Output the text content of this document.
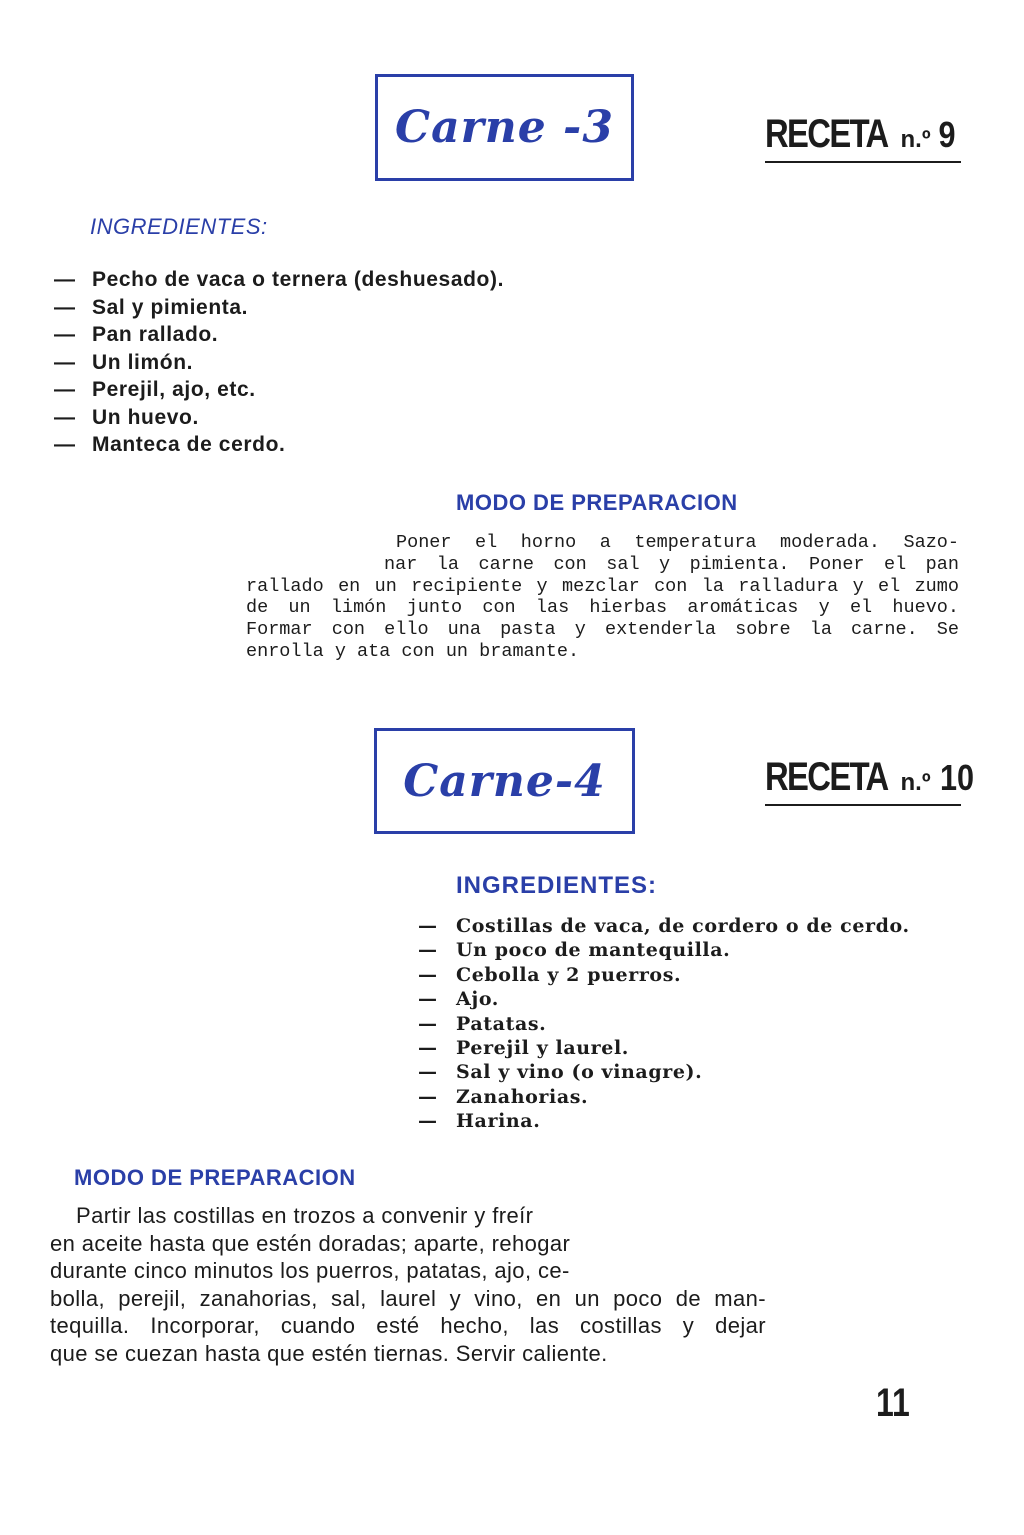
Carne -3	RECETA n.º 9
INGREDIENTES:
— Pecho de vaca o ternera (deshuesado).
— Sal y pimienta.
— Pan rallado.
— Un limón.
— Perejil, ajo, etc.
— Un huevo.
— Manteca de cerdo.
MODO DE PREPARACION

Poner el horno a temperatura moderada. Sazo-

nar la carne con sal y pimienta. Poner el pan

rallado en un recipiente y mezclar con la ralladura y el zumo

de un limón junto con las hierbas aromáticas y el huevo.

Formar con ello una pasta y extenderla sobre la carne. Se

enrolla y ata con un bramante.

Carne-4	RECETA n.º 10
INGREDIENTES:
— Costillas de vaca, de cordero o de cerdo.
— Un poco de mantequilla.
— Cebolla y 2 puerros.
— Ajo.
— Patatas.
— Perejil y laurel.
— Sal y vino (o vinagre).
— Zanahorias.
— Harina.
MODO DE PREPARACION

Partir las costillas en trozos a convenir y freír

en aceite hasta que estén doradas; aparte, rehogar

durante cinco minutos los puerros, patatas, ajo, ce-

bolla, perejil, zanahorias, sal, laurel y vino, en un poco de man-

tequilla. Incorporar, cuando esté hecho, las costillas y dejar

que se cuezan hasta que estén tiernas. Servir caliente.

11
